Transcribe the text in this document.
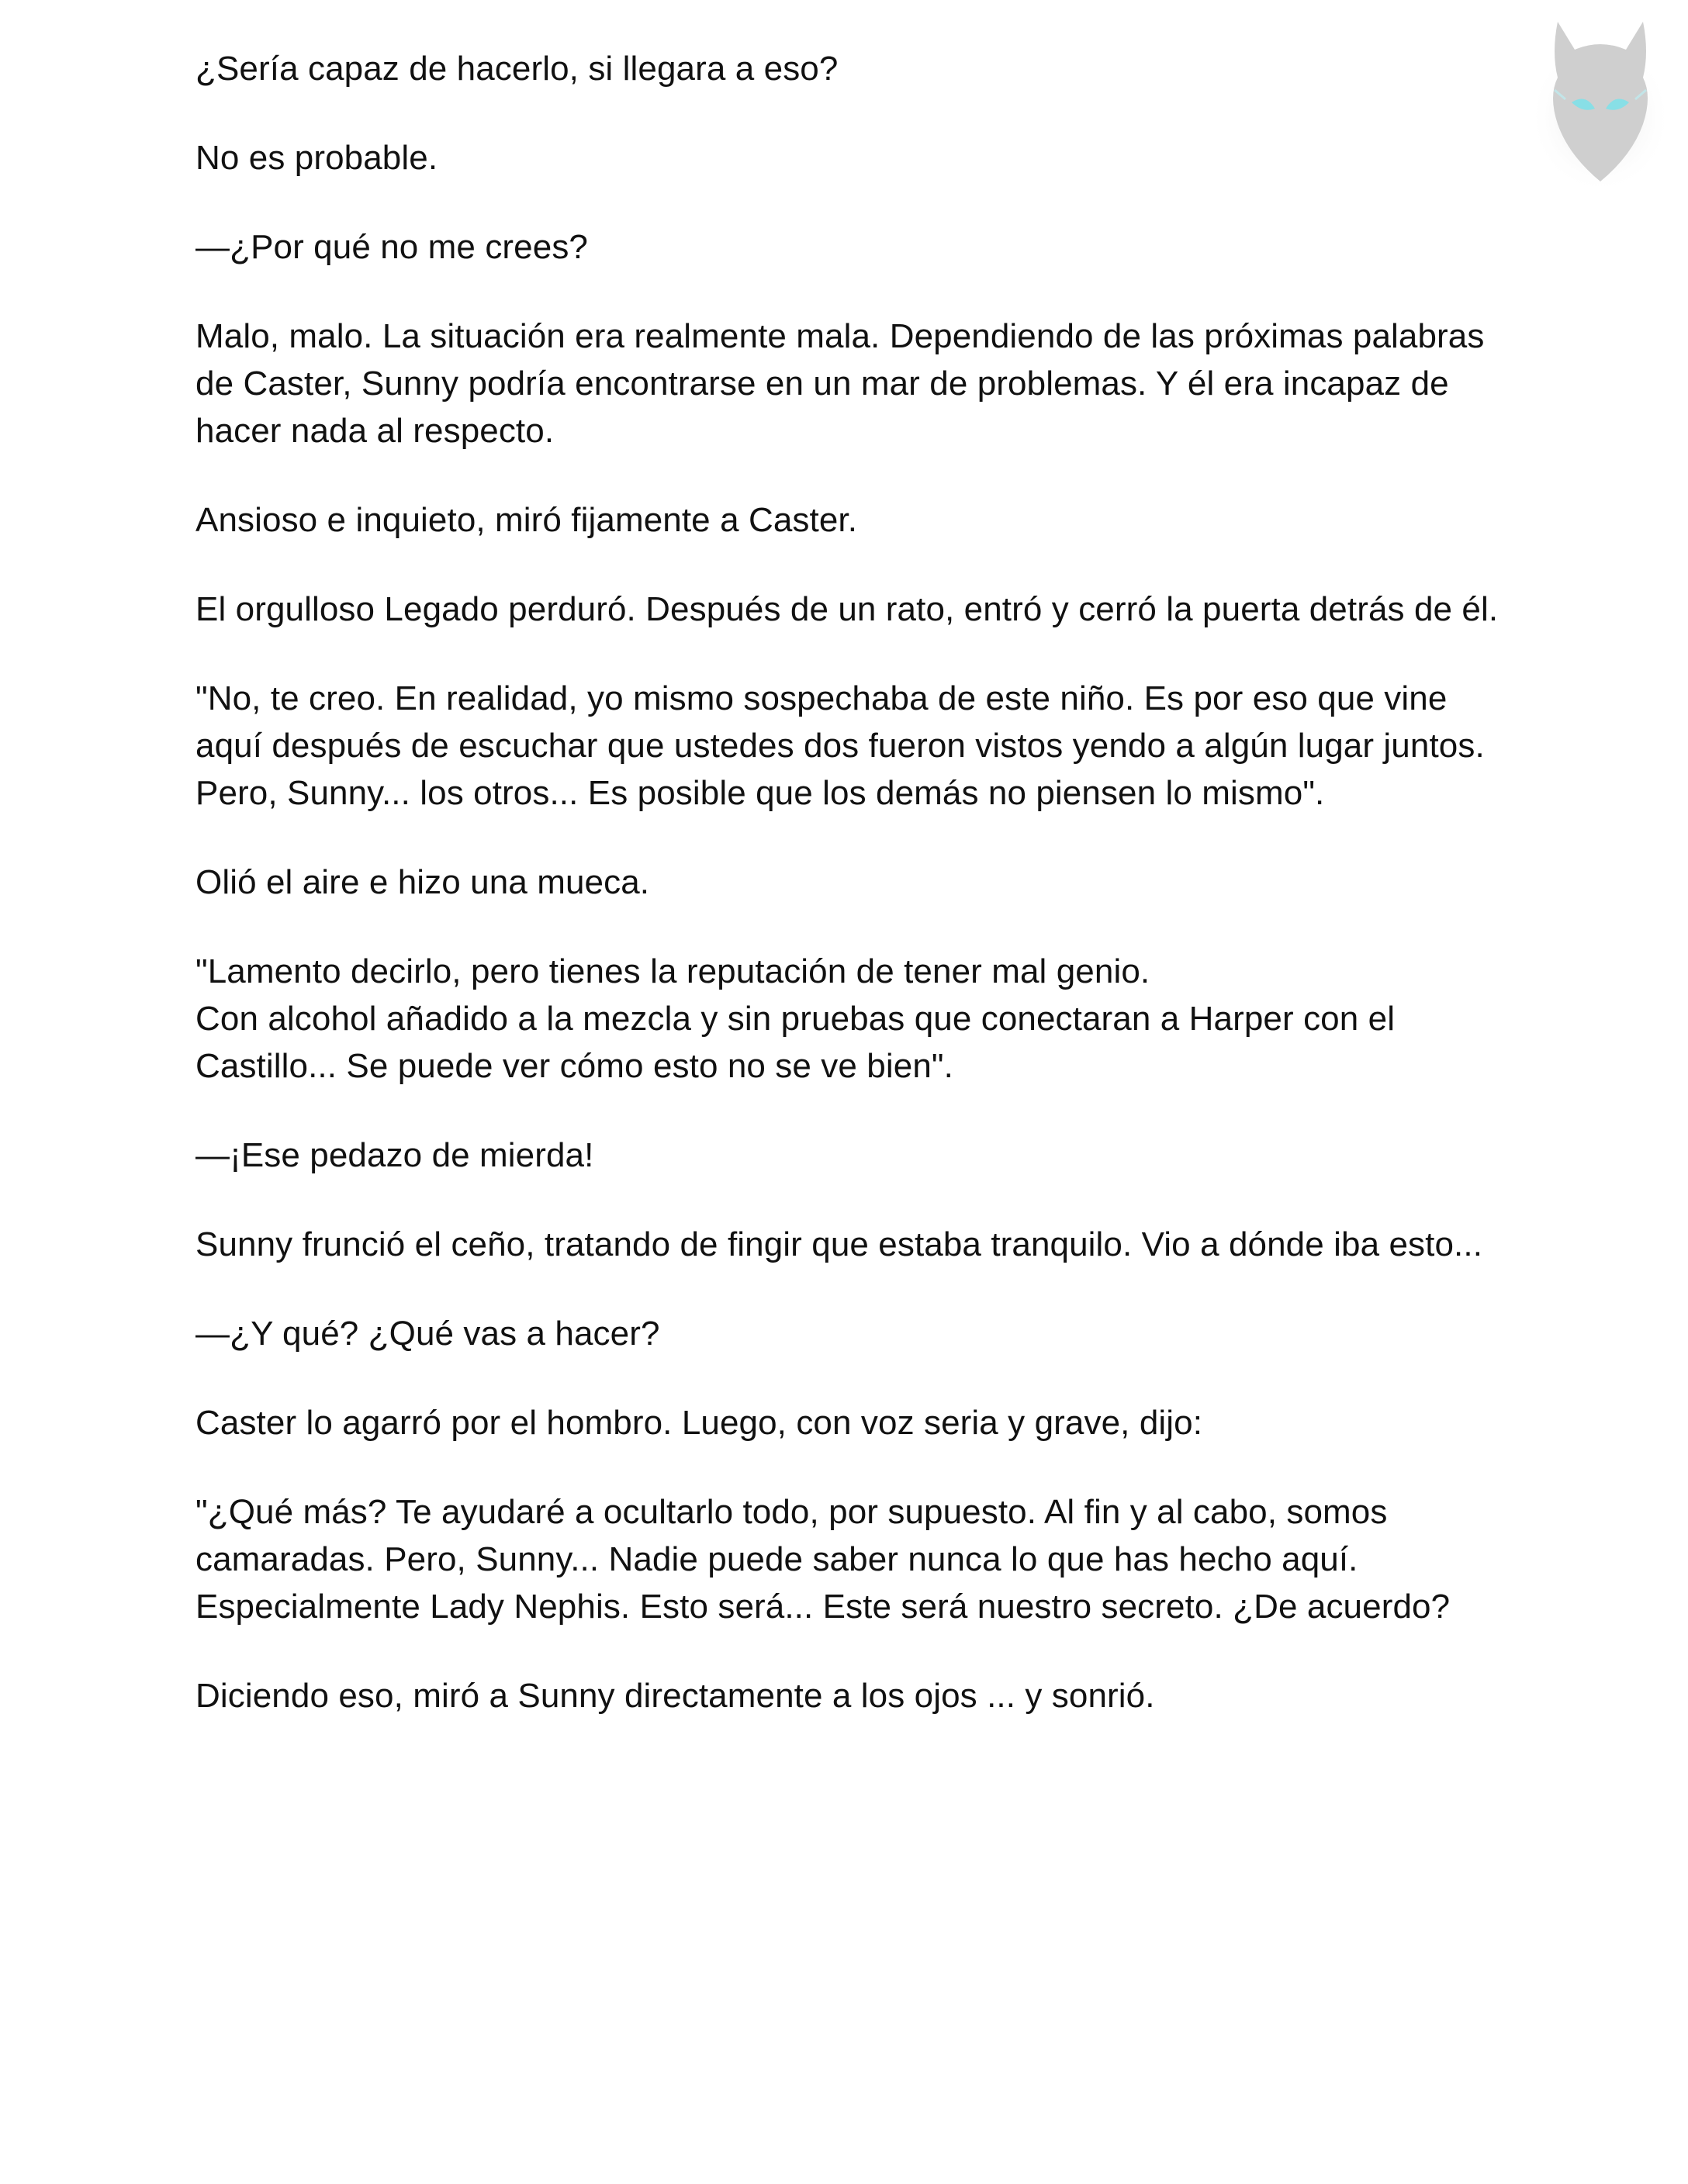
¿Sería capaz de hacerlo, si llegara a eso?

No es probable.

—¿Por qué no me crees?

Malo, malo. La situación era realmente mala. Dependiendo de las próximas palabras de Caster, Sunny podría encontrarse en un mar de problemas. Y él era incapaz de hacer nada al respecto.

Ansioso e inquieto, miró fijamente a Caster.

El orgulloso Legado perduró. Después de un rato, entró y cerró la puerta detrás de él.

"No, te creo. En realidad, yo mismo sospechaba de este niño. Es por eso que vine aquí después de escuchar que ustedes dos fueron vistos yendo a algún lugar juntos. Pero, Sunny... los otros... Es posible que los demás no piensen lo mismo".

Olió el aire e hizo una mueca.

"Lamento decirlo, pero tienes la reputación de tener mal genio.

Con alcohol añadido a la mezcla y sin pruebas que conectaran a Harper con el Castillo... Se puede ver cómo esto no se ve bien".

—¡Ese pedazo de mierda!

Sunny frunció el ceño, tratando de fingir que estaba tranquilo. Vio a dónde iba esto...

—¿Y qué? ¿Qué vas a hacer?

Caster lo agarró por el hombro. Luego, con voz seria y grave, dijo:

"¿Qué más? Te ayudaré a ocultarlo todo, por supuesto. Al fin y al cabo, somos camaradas. Pero, Sunny... Nadie puede saber nunca lo que has hecho aquí. Especialmente Lady Nephis. Esto será... Este será nuestro secreto. ¿De acuerdo?

Diciendo eso, miró a Sunny directamente a los ojos ... y sonrió.
